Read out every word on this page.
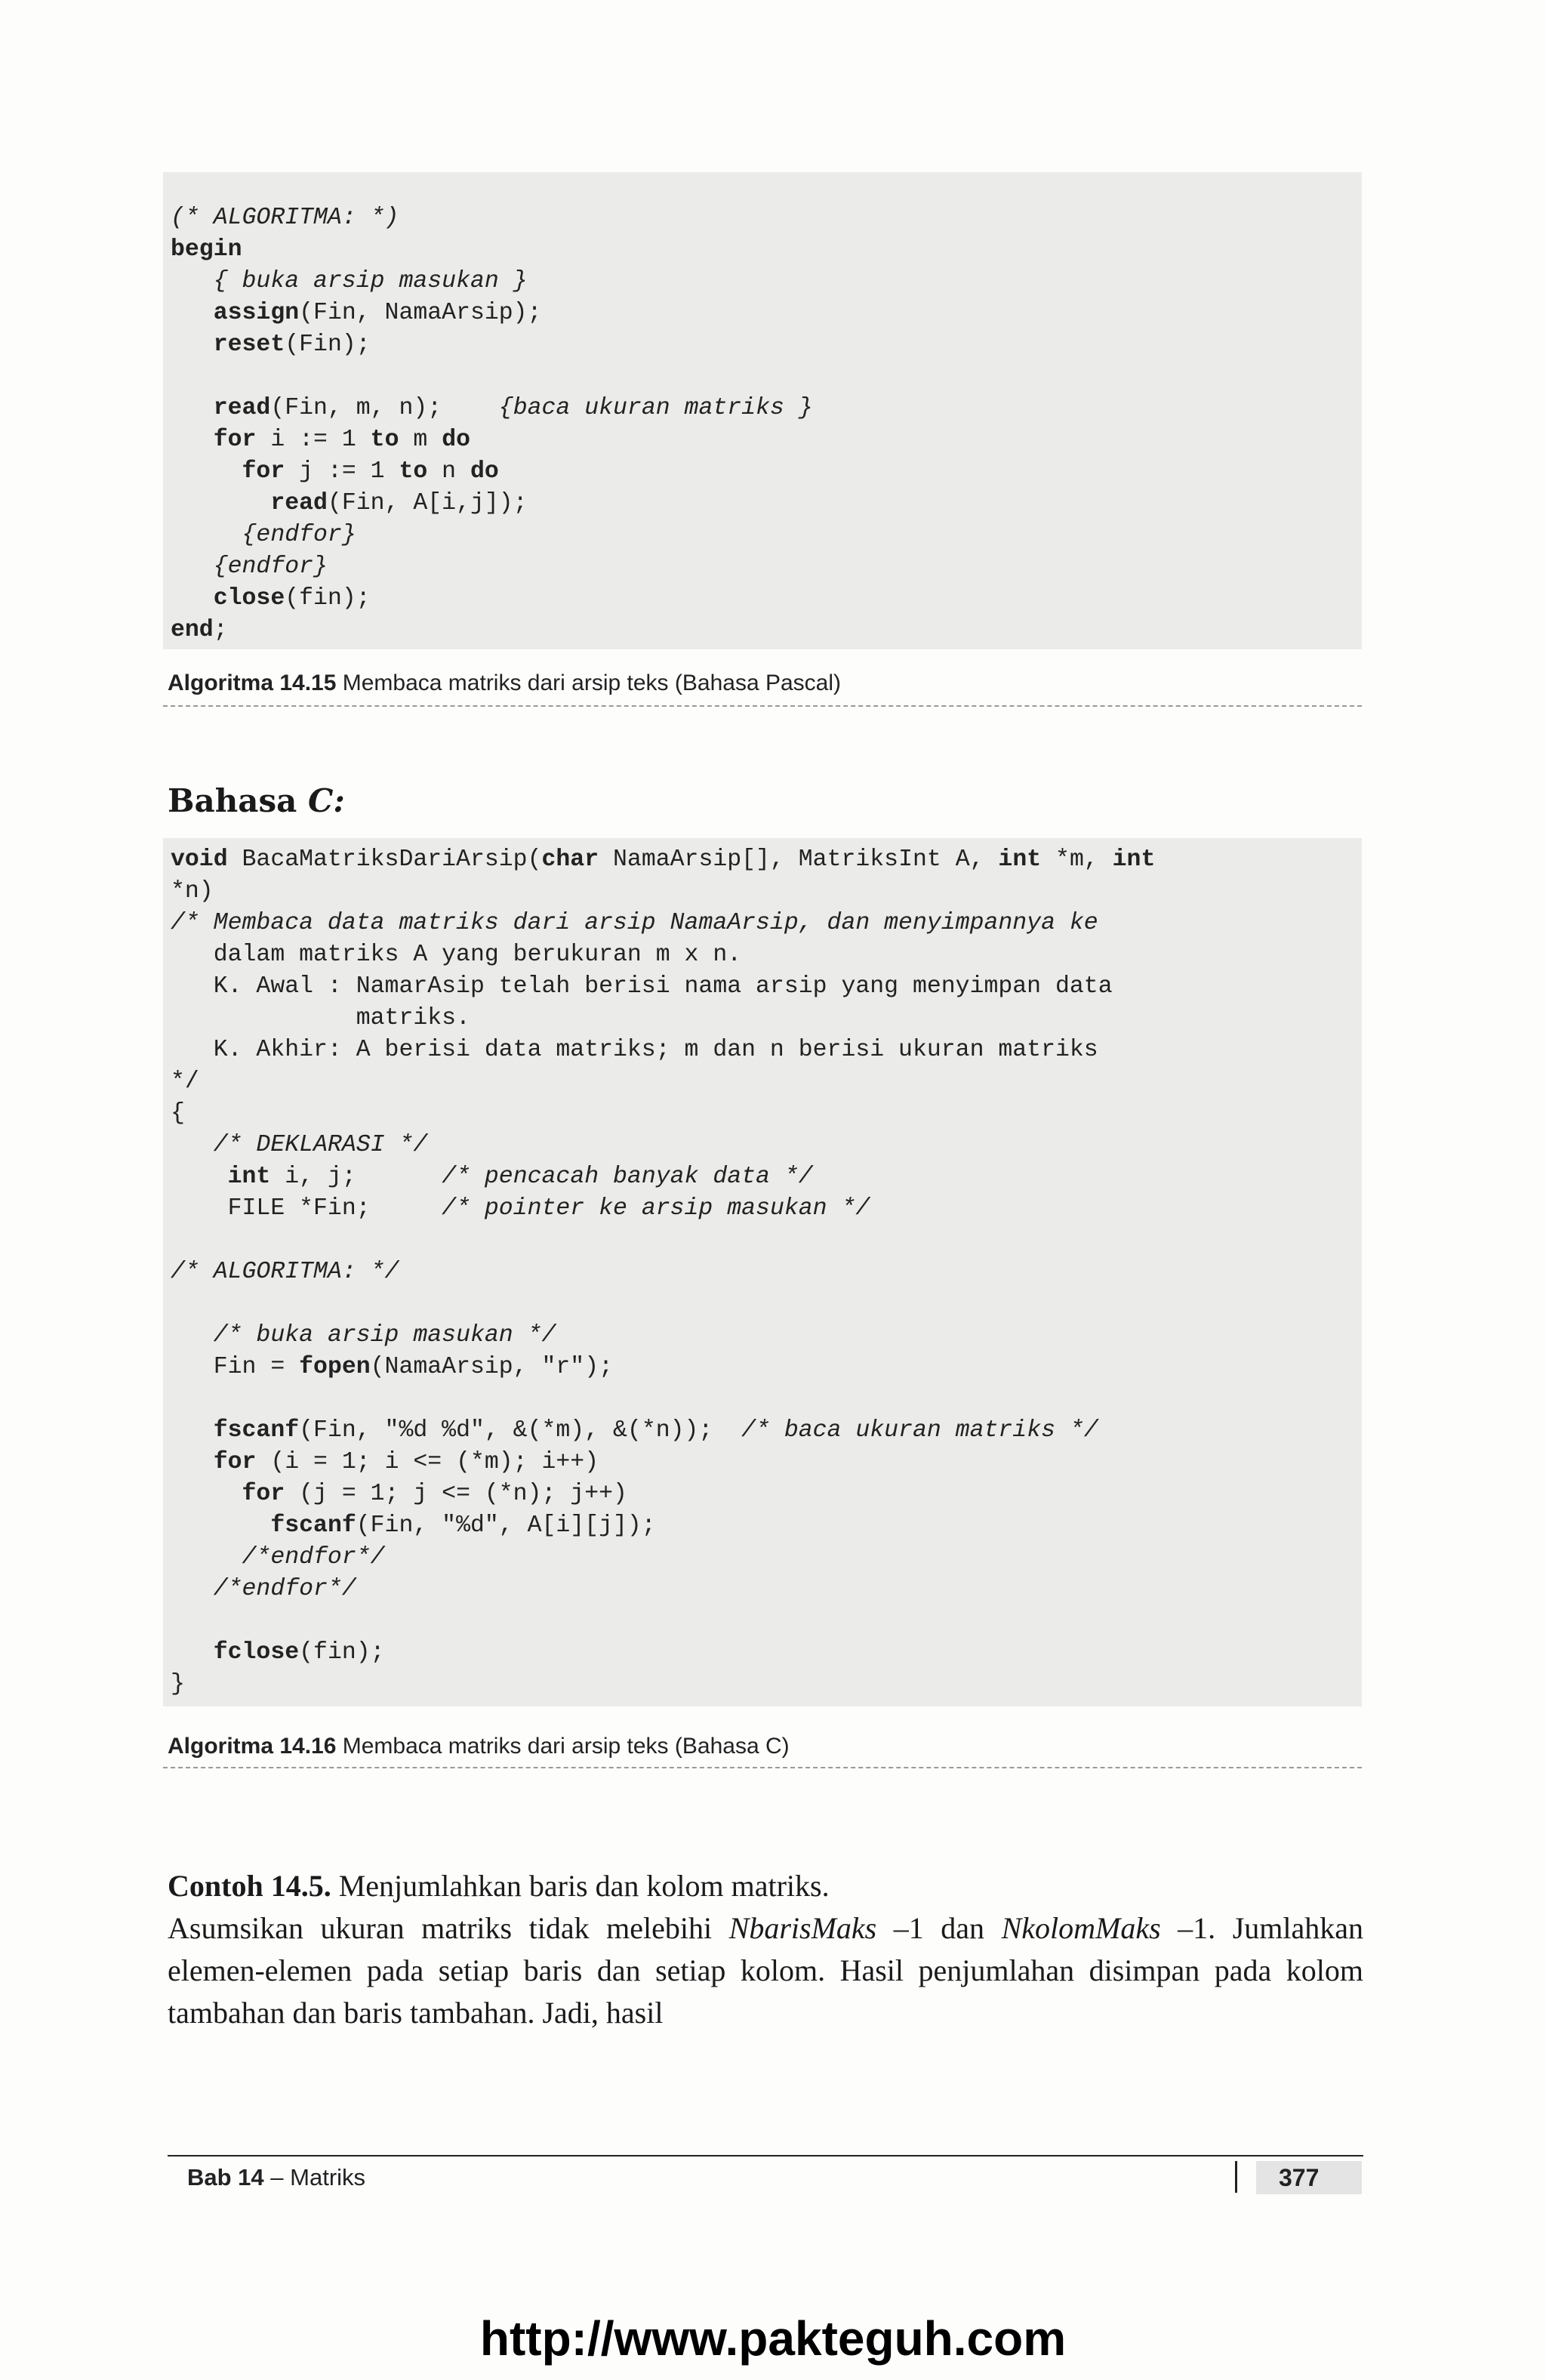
(* ALGORITMA: *)
begin
{ buka arsip masukan }
assign(Fin, NamaArsip);
reset(Fin);
read(Fin, m, n);    {baca ukuran matriks }
for i := 1 to m do
for j := 1 to n do
read(Fin, A[i,j]);
{endfor}
{endfor}
close(fin);
end;
Algoritma 14.15 Membaca matriks dari arsip teks (Bahasa Pascal)
Bahasa C:
void BacaMatriksDariArsip(char NamaArsip[], MatriksInt A, int *m, int
*n)
/* Membaca data matriks dari arsip NamaArsip, dan menyimpannya ke
dalam matriks A yang berukuran m x n.
K. Awal : NamarAsip telah berisi nama arsip yang menyimpan data
matriks.
K. Akhir: A berisi data matriks; m dan n berisi ukuran matriks
*/
{
/* DEKLARASI */
int i, j;      /* pencacah banyak data */
FILE *Fin;     /* pointer ke arsip masukan */
/* ALGORITMA: */
/* buka arsip masukan */
Fin = fopen(NamaArsip, "r");
fscanf(Fin, "%d %d", &(*m), &(*n));  /* baca ukuran matriks */
for (i = 1; i <= (*m); i++)
for (j = 1; j <= (*n); j++)
fscanf(Fin, "%d", A[i][j]);
/*endfor*/
/*endfor*/
fclose(fin);
}
Algoritma 14.16 Membaca matriks dari arsip teks (Bahasa C)
Contoh 14.5. Menjumlahkan baris dan kolom matriks.
Asumsikan ukuran matriks tidak melebihi NbarisMaks –1 dan NkolomMaks –1. Jumlahkan elemen-elemen pada setiap baris dan setiap kolom. Hasil penjumlahan disimpan pada kolom tambahan dan baris tambahan. Jadi, hasil
Bab 14 – Matriks	377
http://www.pakteguh.com
